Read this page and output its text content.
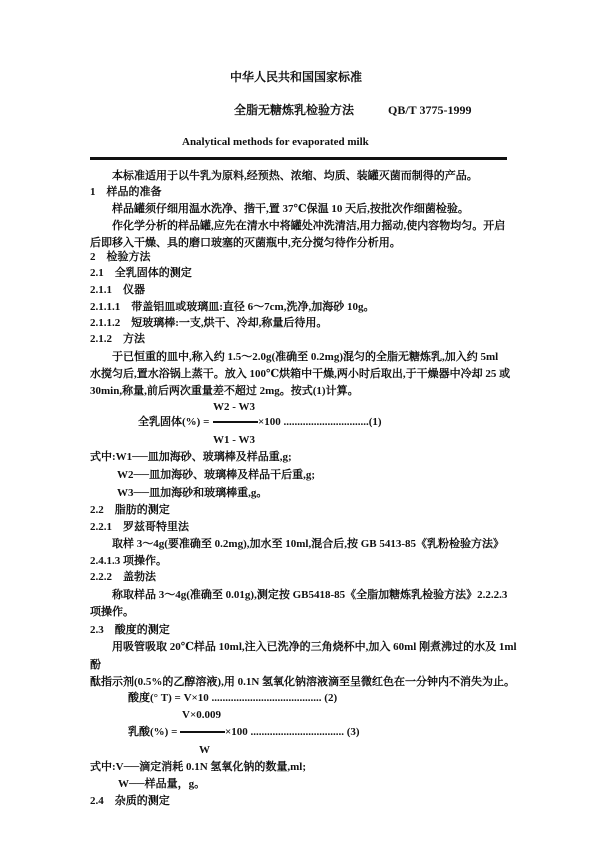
中华人民共和国国家标准
全脂无糖炼乳检验方法	QB/T 3775-1999
Analytical methods for evaporated milk
本标准适用于以牛乳为原料,经预热、浓缩、均质、装罐灭菌而制得的产品。
1　样品的准备
样品罐须仔细用温水洗净、揩干,置 37℃保温 10 天后,按批次作细菌检验。
作化学分析的样品罐,应先在清水中将罐处冲洗清洁,用力摇动,使内容物均匀。开启
后即移入干燥、具的磨口玻塞的灭菌瓶中,充分搅匀待作分析用。
2　检验方法
2.1　全乳固体的测定
2.1.1　仪器
2.1.1.1　带盖铝皿或玻璃皿:直径 6～7cm,洗净,加海砂 10g。
2.1.1.2　短玻璃棒:一支,烘干、冷却,称量后待用。
2.1.2　方法
于已恒重的皿中,称入约 1.5～2.0g(准确至 0.2mg)混匀的全脂无糖炼乳,加入约 5ml
水搅匀后,置水浴锅上蒸干。放入 100℃烘箱中干燥,两小时后取出,于干燥器中冷却 25 或
30min,称量,前后两次重量差不超过 2mg。按式(1)计算。
W2 - W3
全乳固体(%) =	×100 ...............................(1)
W1 - W3
式中:W1──皿加海砂、玻璃棒及样品重,g;
W2──皿加海砂、玻璃棒及样品干后重,g;
W3──皿加海砂和玻璃棒重,g。
2.2　脂肪的测定
2.2.1　罗兹哥特里法
取样 3～4g(要准确至 0.2mg),加水至 10ml,混合后,按 GB 5413-85《乳粉检验方法》
2.4.1.3 项操作。
2.2.2　盖勃法
称取样品 3～4g(准确至 0.01g),测定按 GB5418-85《全脂加糖炼乳检验方法》2.2.2.3
项操作。
2.3　酸度的测定
用吸管吸取 20℃样品 10ml,注入已洗净的三角烧杯中,加入 60ml 刚煮沸过的水及 1ml
酚
酞指示剂(0.5%的乙醇溶液),用 0.1N 氢氧化钠溶液滴至呈微红色在一分钟内不消失为止。
酸度(° T) = V×10 ........................................ (2)
V×0.009
乳酸(%) =	×100 .................................. (3)
W
式中:V──滴定消耗 0.1N 氢氧化钠的数量,ml;
W──样品量，g。
2.4　杂质的测定
